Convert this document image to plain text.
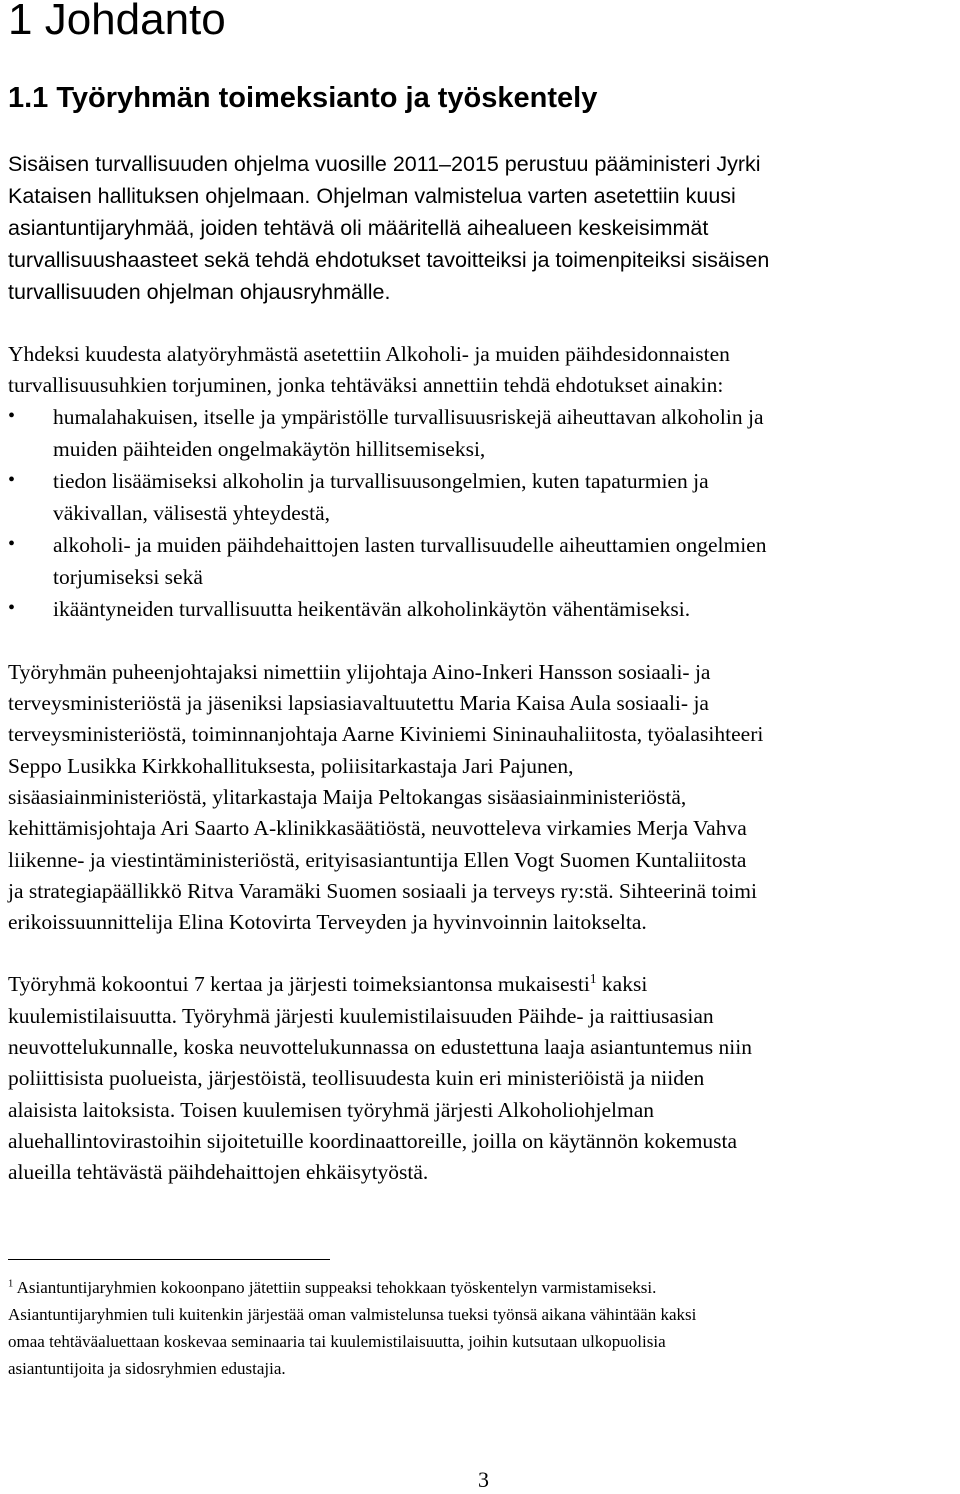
1 Johdanto
1.1 Työryhmän toimeksianto ja työskentely

Sisäisen turvallisuuden ohjelma vuosille 2011–2015 perustuu pääministeri Jyrki

Kataisen hallituksen ohjelmaan. Ohjelman valmistelua varten asetettiin kuusi

asiantuntijaryhmää, joiden tehtävä oli määritellä aihealueen keskeisimmät

turvallisuushaasteet sekä tehdä ehdotukset tavoitteiksi ja toimenpiteiksi sisäisen

turvallisuuden ohjelman ohjausryhmälle.

Yhdeksi kuudesta alatyöryhmästä asetettiin Alkoholi- ja muiden päihdesidonnaisten

turvallisuusuhkien torjuminen, jonka tehtäväksi annettiin tehdä ehdotukset ainakin:

• humalahakuisen, itselle ja ympäristölle turvallisuusriskejä aiheuttavan alkoholin ja

muiden päihteiden ongelmakäytön hillitsemiseksi,

• tiedon lisäämiseksi alkoholin ja turvallisuusongelmien, kuten tapaturmien ja

väkivallan, välisestä yhteydestä,

• alkoholi- ja muiden päihdehaittojen lasten turvallisuudelle aiheuttamien ongelmien

torjumiseksi sekä

• ikääntyneiden turvallisuutta heikentävän alkoholinkäytön vähentämiseksi.

Työryhmän puheenjohtajaksi nimettiin ylijohtaja Aino-Inkeri Hansson sosiaali- ja

terveysministeriöstä ja jäseniksi lapsiasiavaltuutettu Maria Kaisa Aula sosiaali- ja

terveysministeriöstä, toiminnanjohtaja Aarne Kiviniemi Sininauhaliitosta, työalasihteeri

Seppo Lusikka Kirkkohallituksesta, poliisitarkastaja Jari Pajunen,

sisäasiainministeriöstä, ylitarkastaja Maija Peltokangas sisäasiainministeriöstä,

kehittämisjohtaja Ari Saarto A-klinikkasäätiöstä, neuvotteleva virkamies Merja Vahva

liikenne- ja viestintäministeriöstä, erityisasiantuntija Ellen Vogt Suomen Kuntaliitosta

ja strategiapäällikkö Ritva Varamäki Suomen sosiaali ja terveys ry:stä. Sihteerinä toimi

erikoissuunnittelija Elina Kotovirta Terveyden ja hyvinvoinnin laitokselta.

Työryhmä kokoontui 7 kertaa ja järjesti toimeksiantonsa mukaisesti$^1$ kaksi

kuulemistilaisuutta. Työryhmä järjesti kuulemistilaisuuden Päihde- ja raittiusasian

neuvottelukunnalle, koska neuvottelukunnassa on edustettuna laaja asiantuntemus niin

poliittisista puolueista, järjestöistä, teollisuudesta kuin eri ministeriöistä ja niiden

alaisista laitoksista. Toisen kuulemisen työryhmä järjesti Alkoholiohjelman

aluehallintovirastoihin sijoitetuille koordinaattoreille, joilla on käytännön kokemusta

alueilla tehtävästä päihdehaittojen ehkäisytyöstä.

$^1$ Asiantuntijaryhmien kokoonpano jätettiin suppeaksi tehokkaan työskentelyn varmistamiseksi.

Asiantuntijaryhmien tuli kuitenkin järjestää oman valmistelunsa tueksi työnsä aikana vähintään kaksi

omaa tehtäväaluettaan koskevaa seminaaria tai kuulemistilaisuutta, joihin kutsutaan ulkopuolisia

asiantuntijoita ja sidosryhmien edustajia.

3
